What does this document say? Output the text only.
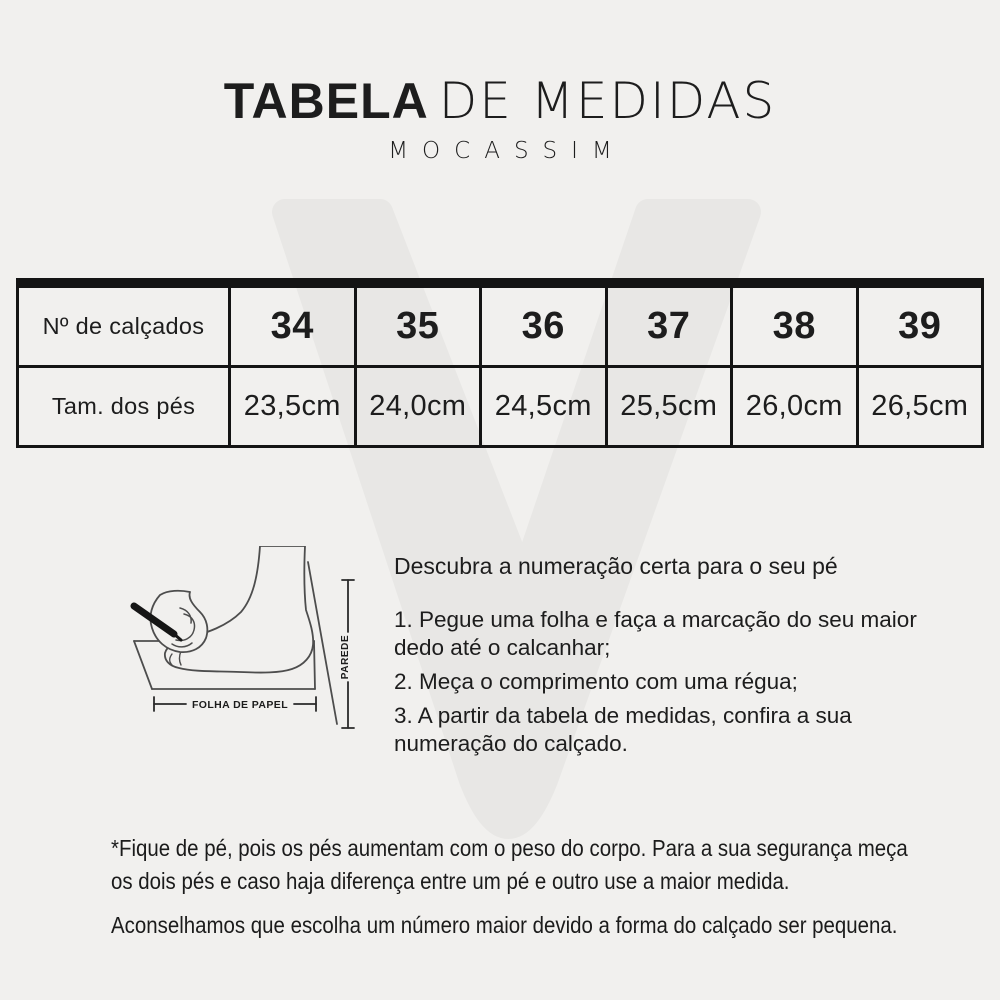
TABELA DE MEDIDAS
MOCASSIM
Nº de calçados	34	35	36	37	38	39
Tam. dos pés	23,5cm	24,0cm	24,5cm	25,5cm	26,0cm	26,5cm
FOLHA DE PAPEL
PAREDE

Descubra a numeração certa para o seu pé

1. Pegue uma folha e faça a marcação do seu maior dedo até o calcanhar;

2. Meça o comprimento com uma régua;

3. A partir da tabela de medidas, confira a sua numeração do calçado.

*Fique de pé, pois os pés aumentam com o peso do corpo. Para a sua segurança meça
os dois pés e caso haja diferença entre um pé e outro use a maior medida.
Aconselhamos que escolha um número maior devido a forma do calçado ser pequena.
